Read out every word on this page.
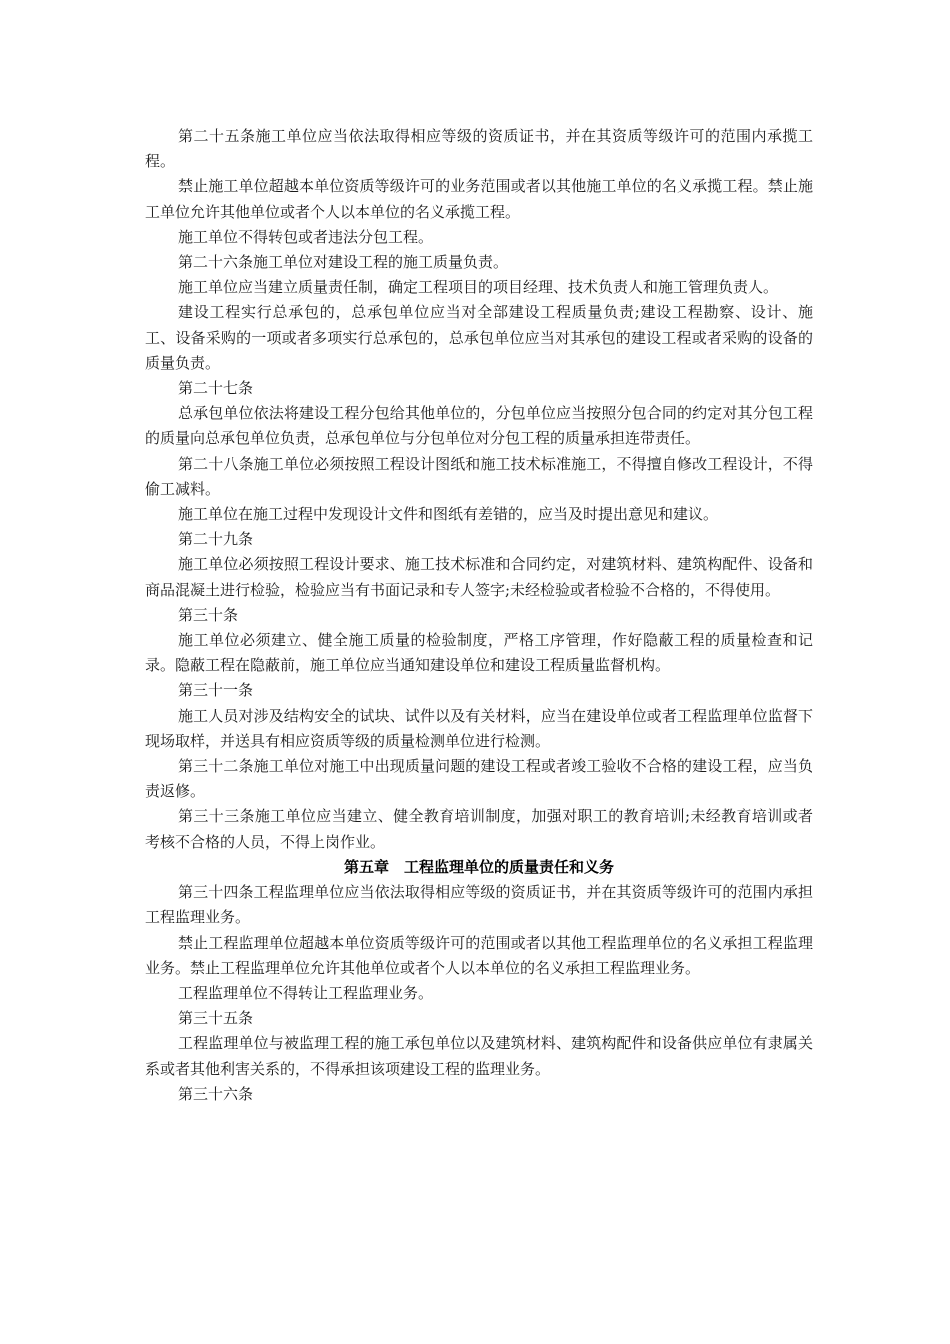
第二十五条施工单位应当依法取得相应等级的资质证书，并在其资质等级许可的范围内承揽工程。

禁止施工单位超越本单位资质等级许可的业务范围或者以其他施工单位的名义承揽工程。禁止施工单位允许其他单位或者个人以本单位的名义承揽工程。

施工单位不得转包或者违法分包工程。

第二十六条施工单位对建设工程的施工质量负责。

施工单位应当建立质量责任制，确定工程项目的项目经理、技术负责人和施工管理负责人。

建设工程实行总承包的，总承包单位应当对全部建设工程质量负责;建设工程勘察、设计、施工、设备采购的一项或者多项实行总承包的，总承包单位应当对其承包的建设工程或者采购的设备的质量负责。

第二十七条

总承包单位依法将建设工程分包给其他单位的，分包单位应当按照分包合同的约定对其分包工程的质量向总承包单位负责，总承包单位与分包单位对分包工程的质量承担连带责任。

第二十八条施工单位必须按照工程设计图纸和施工技术标准施工，不得擅自修改工程设计，不得偷工减料。

施工单位在施工过程中发现设计文件和图纸有差错的，应当及时提出意见和建议。

第二十九条

施工单位必须按照工程设计要求、施工技术标准和合同约定，对建筑材料、建筑构配件、设备和商品混凝土进行检验，检验应当有书面记录和专人签字;未经检验或者检验不合格的，不得使用。

第三十条

施工单位必须建立、健全施工质量的检验制度，严格工序管理，作好隐蔽工程的质量检查和记录。隐蔽工程在隐蔽前，施工单位应当通知建设单位和建设工程质量监督机构。

第三十一条

施工人员对涉及结构安全的试块、试件以及有关材料，应当在建设单位或者工程监理单位监督下现场取样，并送具有相应资质等级的质量检测单位进行检测。

第三十二条施工单位对施工中出现质量问题的建设工程或者竣工验收不合格的建设工程，应当负责返修。

第三十三条施工单位应当建立、健全教育培训制度，加强对职工的教育培训;未经教育培训或者考核不合格的人员，不得上岗作业。

第五章　工程监理单位的质量责任和义务

第三十四条工程监理单位应当依法取得相应等级的资质证书，并在其资质等级许可的范围内承担工程监理业务。

禁止工程监理单位超越本单位资质等级许可的范围或者以其他工程监理单位的名义承担工程监理业务。禁止工程监理单位允许其他单位或者个人以本单位的名义承担工程监理业务。

工程监理单位不得转让工程监理业务。

第三十五条

工程监理单位与被监理工程的施工承包单位以及建筑材料、建筑构配件和设备供应单位有隶属关系或者其他利害关系的，不得承担该项建设工程的监理业务。

第三十六条
